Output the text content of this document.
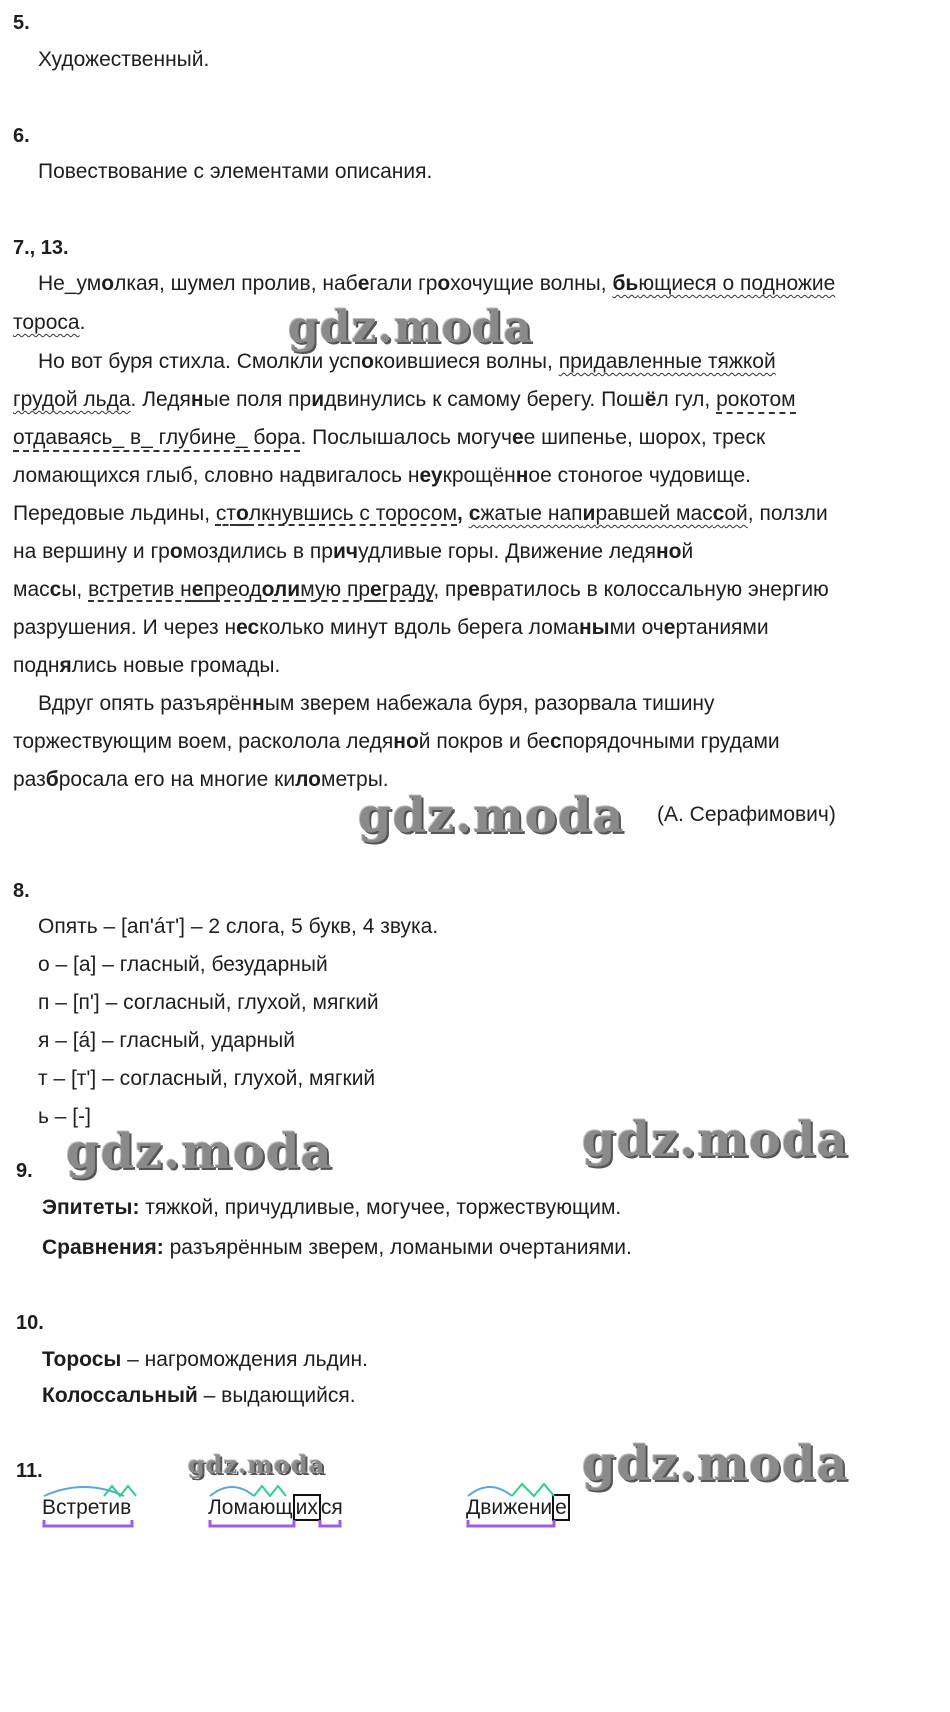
5.
Художественный.
6.
Повествование с элементами описания.
7., 13.
Не_умолкая, шумел пролив, набегали грохочущие волны, бьющиеся о подножие
тороса.
Но вот буря стихла. Смолкли успокоившиеся волны, придавленные тяжкой
грудой льда. Ледяные поля придвинулись к самому берегу. Пошёл гул, рокотом
отдаваясь_ в_ глубине_ бора. Послышалось могучее шипенье, шорох, треск
ломающихся глыб, словно надвигалось неукрощённое стоногое чудовище.
Передовые льдины, столкнувшись с торосом, сжатые напиравшей массой, ползли
на вершину и громоздились в причудливые горы. Движение ледяной
массы, встретив непреодолимую преграду, превратилось в колоссальную энергию
разрушения. И через несколько минут вдоль берега ломаными очертаниями
поднялись новые громады.
Вдруг опять разъярённым зверем набежала буря, разорвала тишину
торжествующим воем, расколола ледяной покров и беспорядочными грудами
разбросала его на многие километры.
(А. Серафимович)
8.
Опять – [ап'áт'] – 2 слога, 5 букв, 4 звука.
о – [а] – гласный, безударный
п – [п'] – согласный, глухой, мягкий
я – [á] – гласный, ударный
т – [т'] – согласный, глухой, мягкий
ь – [-]
9.
Эпитеты: тяжкой, причудливые, могучее, торжествующим.
Сравнения: разъярённым зверем, ломаными очертаниями.
10.
Торосы – нагромождения льдин.
Колоссальный – выдающийся.
11.
Встретив	Ломающ их ся	Движени е
gdz.moda
gdz.moda
gdz.moda	gdz.moda
gdz.moda	gdz.moda
